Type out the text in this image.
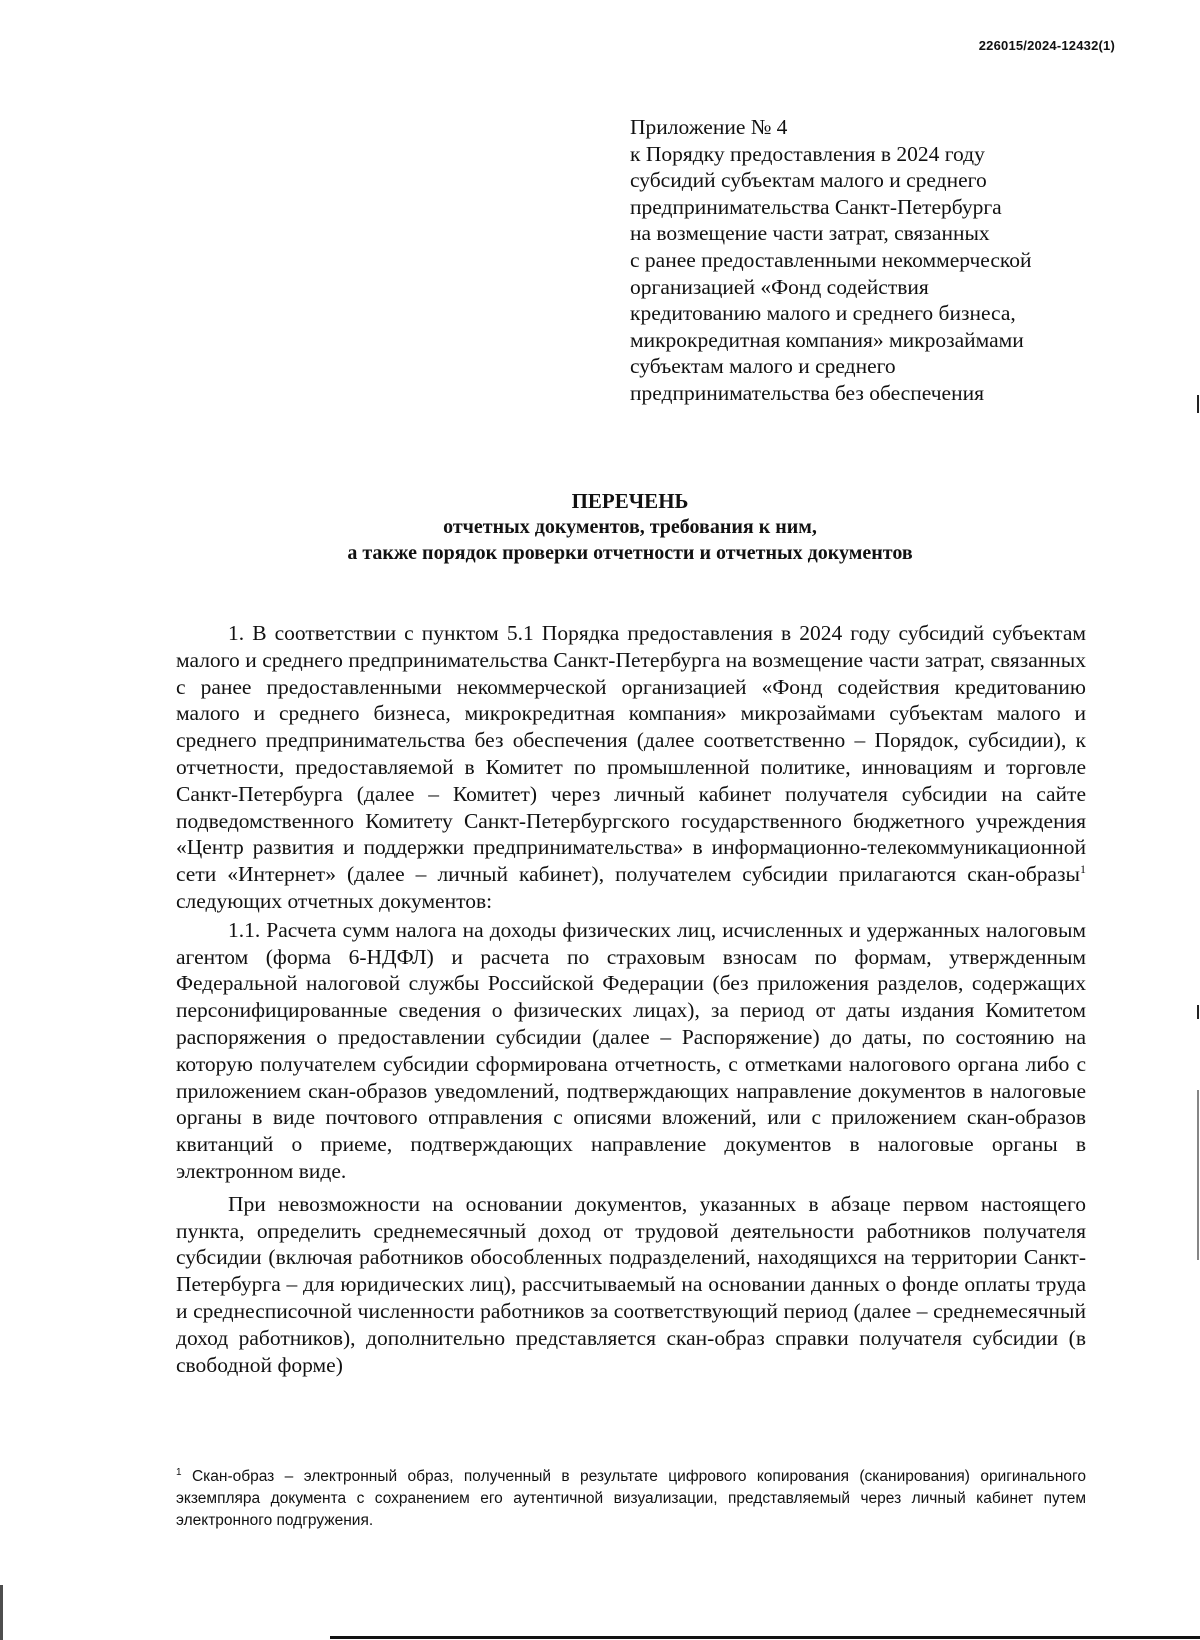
226015/2024-12432(1)
Приложение № 4
к Порядку предоставления в 2024 году
субсидий субъектам малого и среднего
предпринимательства Санкт-Петербурга
на возмещение части затрат, связанных
с ранее предоставленными некоммерческой
организацией «Фонд содействия
кредитованию малого и среднего бизнеса,
микрокредитная компания» микрозаймами
субъектам малого и среднего
предпринимательства без обеспечения
ПЕРЕЧЕНЬ
отчетных документов, требования к ним,
а также порядок проверки отчетности и отчетных документов

1. В соответствии с пунктом 5.1 Порядка предоставления в 2024 году субсидий субъектам малого и среднего предпринимательства Санкт-Петербурга на возмещение части затрат, связанных с ранее предоставленными некоммерческой организацией «Фонд содействия кредитованию малого и среднего бизнеса, микрокредитная компания» микрозаймами субъектам малого и среднего предпринимательства без обеспечения (далее соответственно – Порядок, субсидии), к отчетности, предоставляемой в Комитет по промышленной политике, инновациям и торговле Санкт-Петербурга (далее – Комитет) через личный кабинет получателя субсидии на сайте подведомственного Комитету Санкт-Петербургского государственного бюджетного учреждения «Центр развития и поддержки предпринимательства» в информационно-телекоммуникационной сети «Интернет» (далее – личный кабинет), получателем субсидии прилагаются скан-образы$^1$ следующих отчетных документов:

1.1. Расчета сумм налога на доходы физических лиц, исчисленных и удержанных налоговым агентом (форма 6-НДФЛ) и расчета по страховым взносам по формам, утвержденным Федеральной налоговой службы Российской Федерации (без приложения разделов, содержащих персонифицированные сведения о физических лицах), за период от даты издания Комитетом распоряжения о предоставлении субсидии (далее – Распоряжение) до даты, по состоянию на которую получателем субсидии сформирована отчетность, с отметками налогового органа либо с приложением скан-образов уведомлений, подтверждающих направление документов в налоговые органы в виде почтового отправления с описями вложений, или с приложением скан-образов квитанций о приеме, подтверждающих направление документов в налоговые органы в электронном виде.

При невозможности на основании документов, указанных в абзаце первом настоящего пункта, определить среднемесячный доход от трудовой деятельности работников получателя субсидии (включая работников обособленных подразделений, находящихся на территории Санкт-Петербурга – для юридических лиц), рассчитываемый на основании данных о фонде оплаты труда и среднесписочной численности работников за соответствующий период (далее – среднемесячный доход работников), дополнительно представляется скан-образ справки получателя субсидии (в свободной форме)

$^1$ Скан-образ – электронный образ, полученный в результате цифрового копирования (сканирования) оригинального экземпляра документа с сохранением его аутентичной визуализации, представляемый через личный кабинет путем электронного подгружения.
